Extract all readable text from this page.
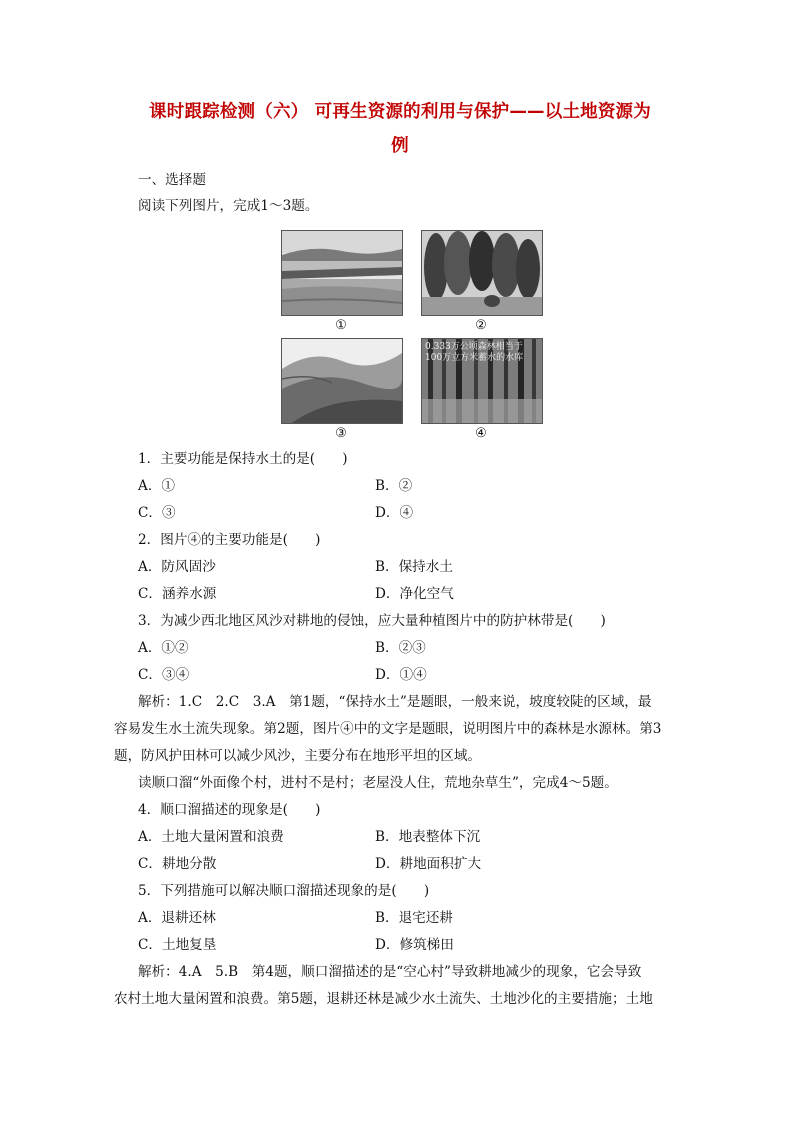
课时跟踪检测（六） 可再生资源的利用与保护——以土地资源为
例
一、选择题
阅读下列图片，完成1～3题。
①	②
③
0.333万公顷森林相当于
100万立方米蓄水的水库
④
1．主要功能是保持水土的是(　　)
A．①	B．②
C．③	D．④
2．图片④的主要功能是(　　)
A．防风固沙	B．保持水土
C．涵养水源	D．净化空气
3．为减少西北地区风沙对耕地的侵蚀，应大量种植图片中的防护林带是(　　)
A．①②	B．②③
C．③④	D．①④
解析：1.C　2.C　3.A　第1题，“保持水土”是题眼，一般来说，坡度较陡的区域，最
容易发生水土流失现象。第2题，图片④中的文字是题眼，说明图片中的森林是水源林。第3
题，防风护田林可以减少风沙，主要分布在地形平坦的区域。
读顺口溜“外面像个村，进村不是村；老屋没人住，荒地杂草生”，完成4～5题。
4．顺口溜描述的现象是(　　)
A．土地大量闲置和浪费	B．地表整体下沉
C．耕地分散	D．耕地面积扩大
5．下列措施可以解决顺口溜描述现象的是(　　)
A．退耕还林	B．退宅还耕
C．土地复垦	D．修筑梯田
解析：4.A　5.B　第4题，顺口溜描述的是“空心村”导致耕地减少的现象，它会导致
农村土地大量闲置和浪费。第5题，退耕还林是减少水土流失、土地沙化的主要措施；土地
